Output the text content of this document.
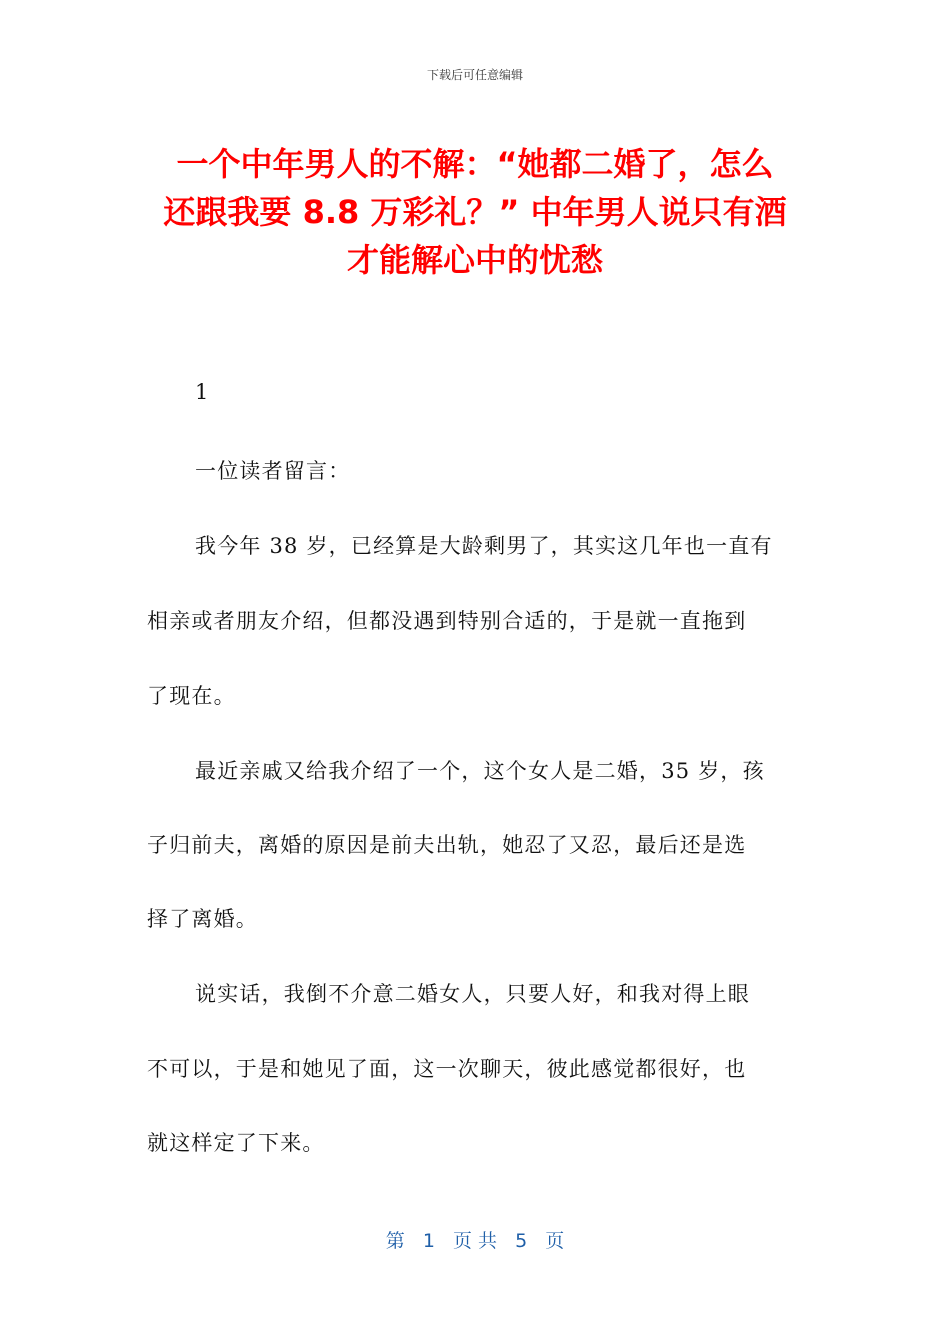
下载后可任意编辑
一个中年男人的不解：“她都二婚了，怎么
还跟我要 8.8 万彩礼？” 中年男人说只有酒
才能解心中的忧愁
1
一位读者留言：
我今年 38 岁，已经算是大龄剩男了，其实这几年也一直有
相亲或者朋友介绍，但都没遇到特别合适的，于是就一直拖到
了现在。
最近亲戚又给我介绍了一个，这个女人是二婚，35 岁，孩
子归前夫，离婚的原因是前夫出轨，她忍了又忍，最后还是选
择了离婚。
说实话，我倒不介意二婚女人，只要人好，和我对得上眼
不可以，于是和她见了面，这一次聊天，彼此感觉都很好，也
就这样定了下来。
第 1 页 共 5 页
